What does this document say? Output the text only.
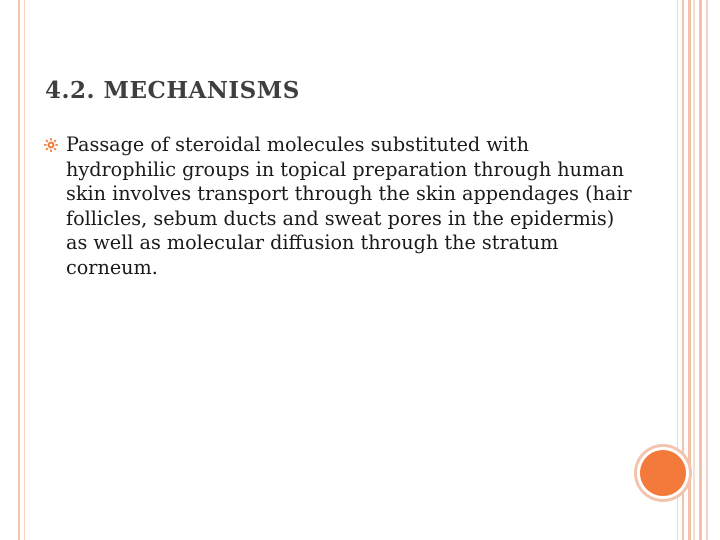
4.2. MECHANISMS

Passage of steroidal molecules substituted with hydrophilic groups in topical preparation through human skin involves transport through the skin appendages (hair follicles, sebum ducts and sweat pores in the epidermis) as well as molecular diffusion through the stratum corneum.
